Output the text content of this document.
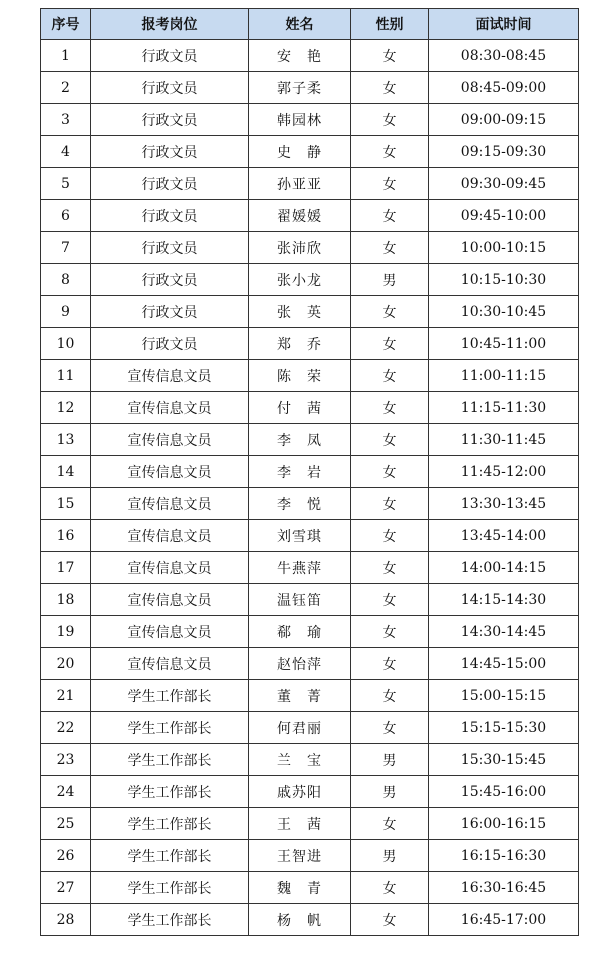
序号	报考岗位	姓名	性别	面试时间
1	行政文员	安　艳	女	08:30-08:45
2	行政文员	郭子柔	女	08:45-09:00
3	行政文员	韩园林	女	09:00-09:15
4	行政文员	史　静	女	09:15-09:30
5	行政文员	孙亚亚	女	09:30-09:45
6	行政文员	翟媛媛	女	09:45-10:00
7	行政文员	张沛欣	女	10:00-10:15
8	行政文员	张小龙	男	10:15-10:30
9	行政文员	张　英	女	10:30-10:45
10	行政文员	郑　乔	女	10:45-11:00
11	宣传信息文员	陈　荣	女	11:00-11:15
12	宣传信息文员	付　茜	女	11:15-11:30
13	宣传信息文员	李　凤	女	11:30-11:45
14	宣传信息文员	李　岩	女	11:45-12:00
15	宣传信息文员	李　悦	女	13:30-13:45
16	宣传信息文员	刘雪琪	女	13:45-14:00
17	宣传信息文员	牛燕萍	女	14:00-14:15
18	宣传信息文员	温钰笛	女	14:15-14:30
19	宣传信息文员	郗　瑜	女	14:30-14:45
20	宣传信息文员	赵怡萍	女	14:45-15:00
21	学生工作部长	董　菁	女	15:00-15:15
22	学生工作部长	何君丽	女	15:15-15:30
23	学生工作部长	兰　宝	男	15:30-15:45
24	学生工作部长	戚苏阳	男	15:45-16:00
25	学生工作部长	王　茜	女	16:00-16:15
26	学生工作部长	王智进	男	16:15-16:30
27	学生工作部长	魏　青	女	16:30-16:45
28	学生工作部长	杨　帆	女	16:45-17:00
